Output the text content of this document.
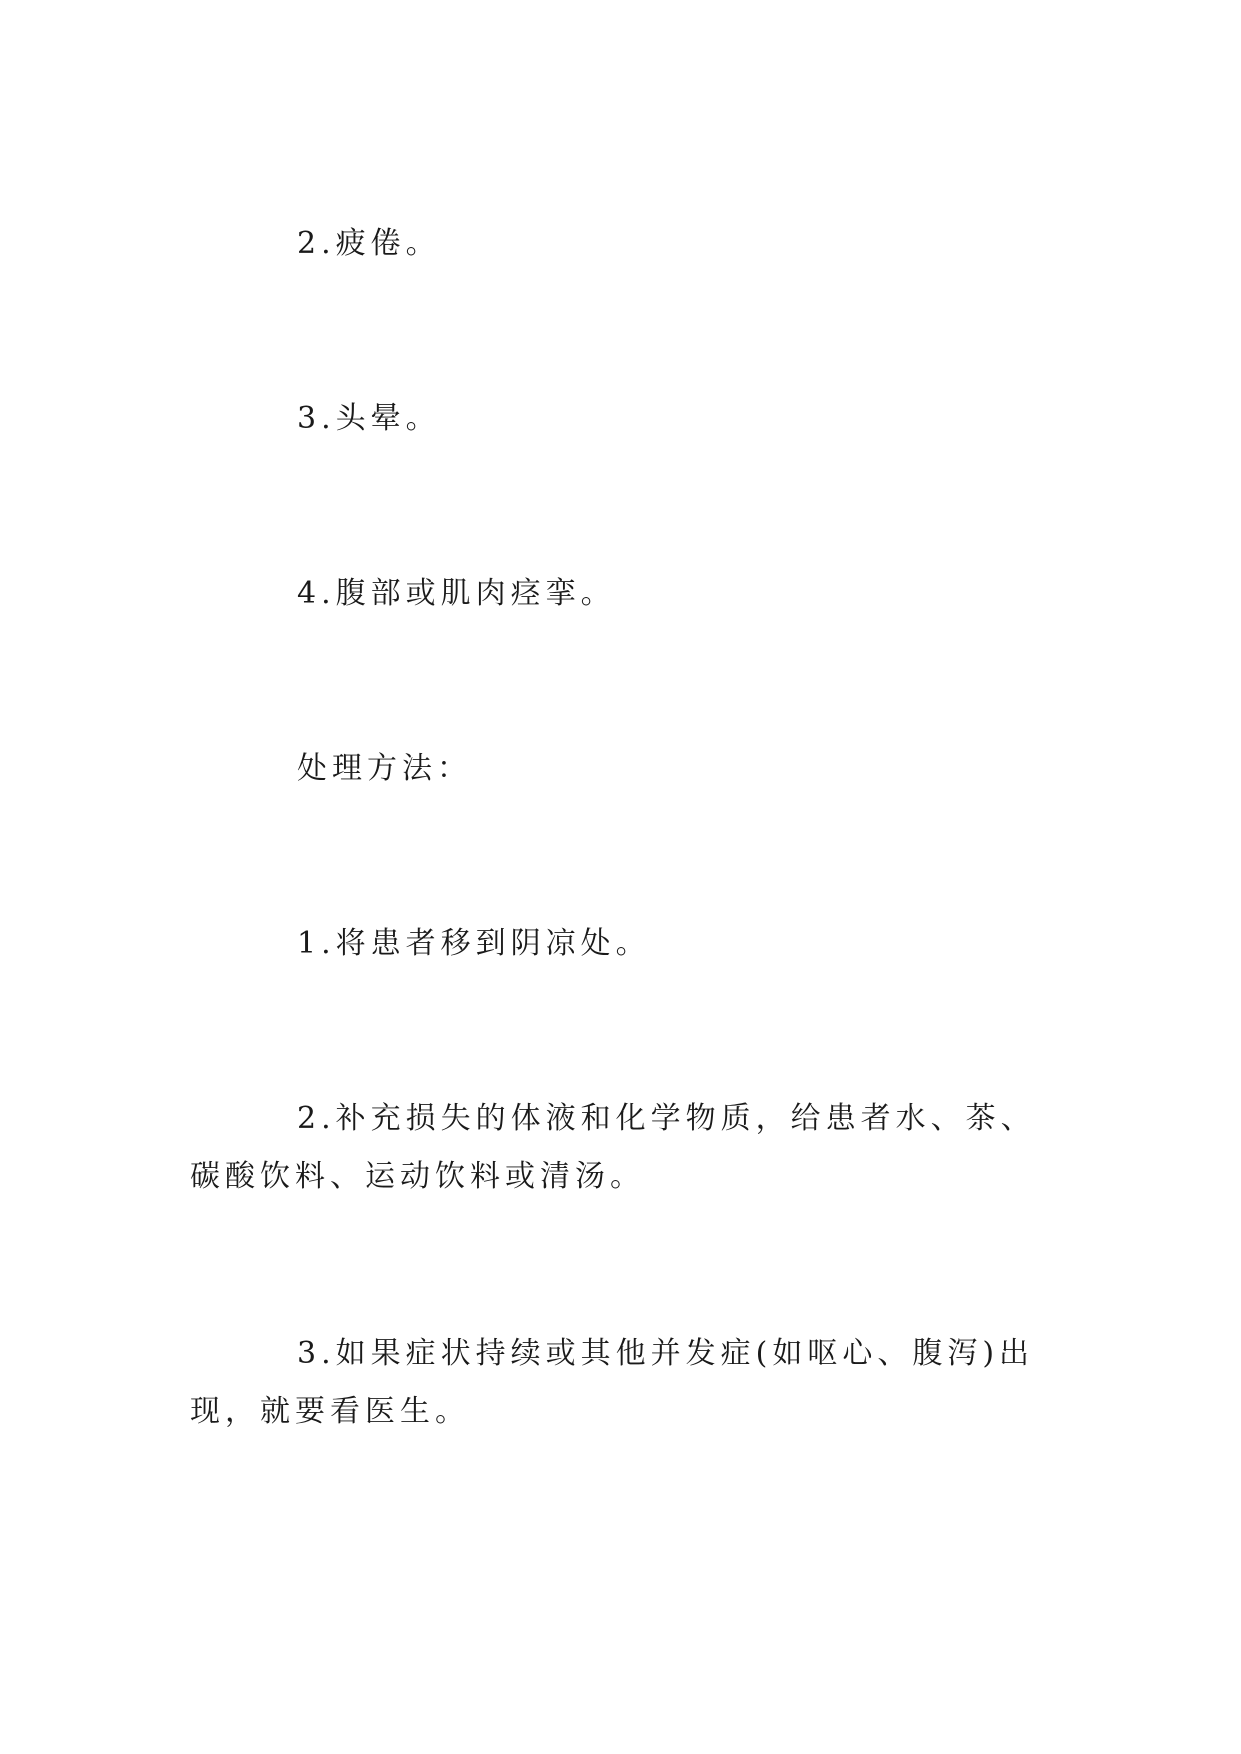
2.疲倦。

3.头晕。

4.腹部或肌肉痉挛。

处理方法：

1.将患者移到阴凉处。

2.补充损失的体液和化学物质，给患者水、茶、碳酸饮料、运动饮料或清汤。

3.如果症状持续或其他并发症(如呕心、腹泻)出现，就要看医生。
